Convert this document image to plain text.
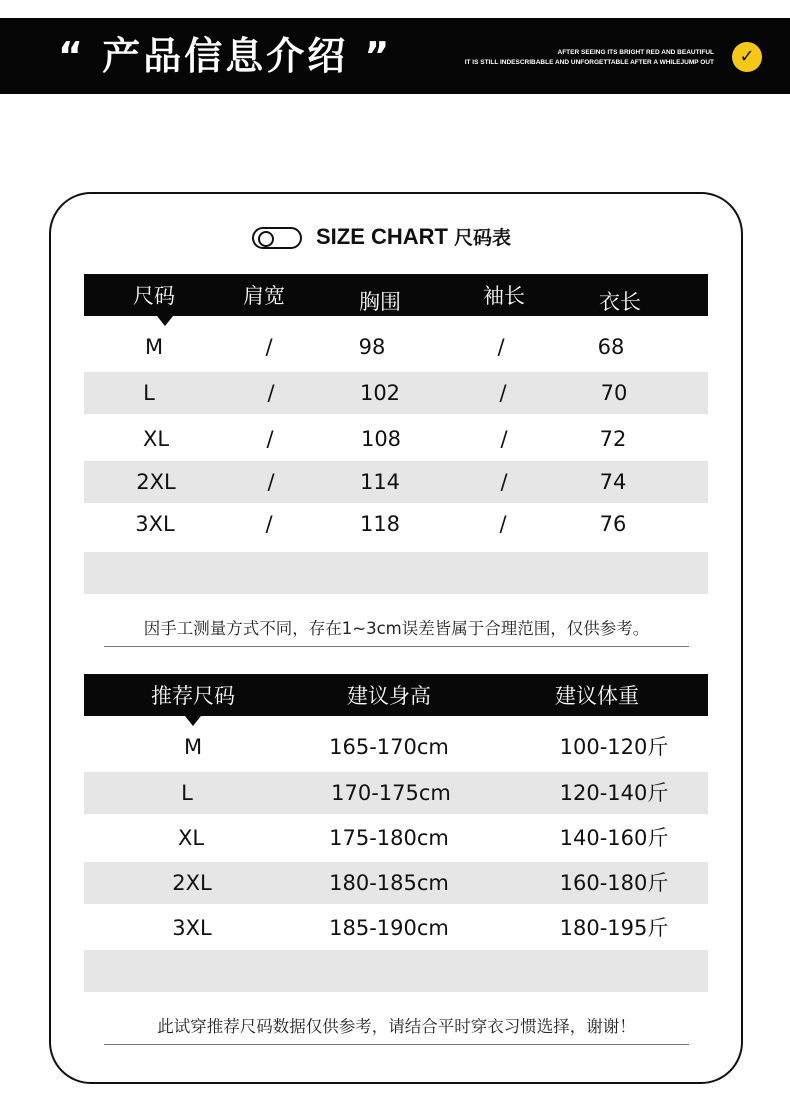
“ 产品信息介绍 ”	AFTER SEEING ITS BRIGHT RED AND BEAUTIFUL
IT IS STILL INDESCRIBABLE AND UNFORGETTABLE AFTER A WHILEJUMP OUT	✓
SIZE CHART 尺码表
尺码	肩宽	胸围	袖长	衣长
M	/	98	/	68
L	/	102	/	70
XL	/	108	/	72
2XL	/	114	/	74
3XL	/	118	/	76
因手工测量方式不同，存在1~3cm误差皆属于合理范围，仅供参考。
推荐尺码	建议身高	建议体重
M	165-170cm	100-120斤
L	170-175cm	120-140斤
XL	175-180cm	140-160斤
2XL	180-185cm	160-180斤
3XL	185-190cm	180-195斤
此试穿推荐尺码数据仅供参考，请结合平时穿衣习惯选择，谢谢！
